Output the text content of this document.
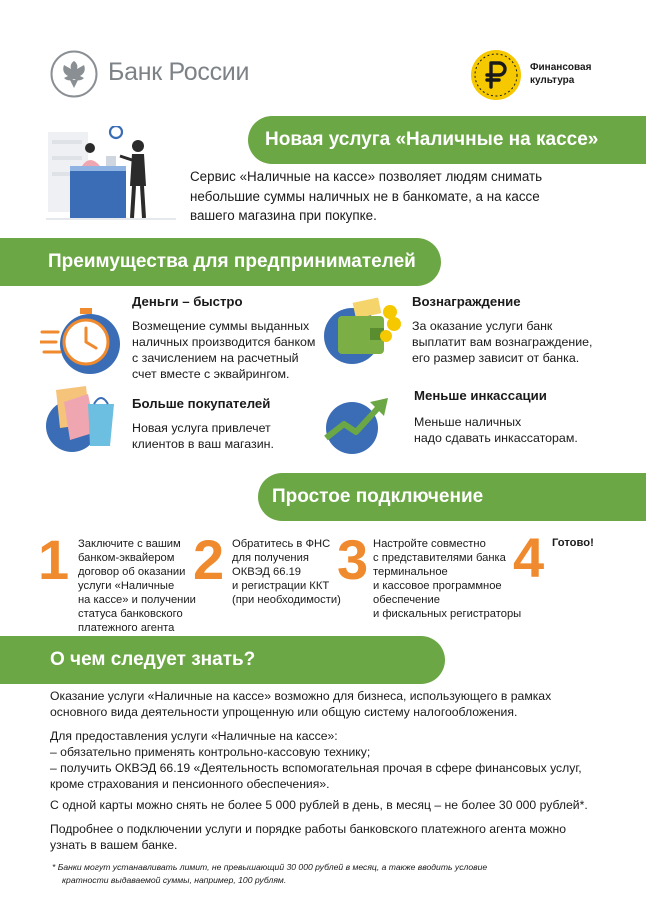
Банк России	Финансовая
культура
Новая услуга «Наличные на кассе»
Сервис «Наличные на кассе» позволяет людям снимать
небольшие суммы наличных не в банкомате, а на кассе
вашего магазина при покупке.
Преимущества для предпринимателей
Деньги – быстро
Возмещение суммы выданных
наличных производится банком
с зачислением на расчетный
счет вместе с эквайрингом.
Вознаграждение
За оказание услуги банк
выплатит вам вознаграждение,
его размер зависит от банка.
Больше покупателей
Новая услуга привлечет
клиентов в ваш магазин.
Меньше инкассации
Меньше наличных
надо сдавать инкассаторам.
Простое подключение
1 Заключите с вашим
банком-эквайером
договор об оказании
услуги «Наличные
на кассе» и получении
статуса банковского
платежного агента
2 Обратитесь в ФНС
для получения
ОКВЭД 66.19
и регистрации ККТ
(при необходимости)
3 Настройте совместно
с представителями банка
терминальное
и кассовое программное
обеспечение
и фискальных регистраторы
4 Готово!
О чем следует знать?
Оказание услуги «Наличные на кассе» возможно для бизнеса, использующего в рамках
основного вида деятельности упрощенную или общую систему налогообложения.
Для предоставления услуги «Наличные на кассе»:
– обязательно применять контрольно-кассовую технику;
– получить ОКВЭД 66.19 «Деятельность вспомогательная прочая в сфере финансовых услуг,
кроме страхования и пенсионного обеспечения».
С одной карты можно снять не более 5 000 рублей в день, в месяц – не более 30 000 рублей*.
Подробнее о подключении услуги и порядке работы банковского платежного агента можно
узнать в вашем банке.
* Банки могут устанавливать лимит, не превышающий 30 000 рублей в месяц, а также вводить условие
кратности выдаваемой суммы, например, 100 рублям.
